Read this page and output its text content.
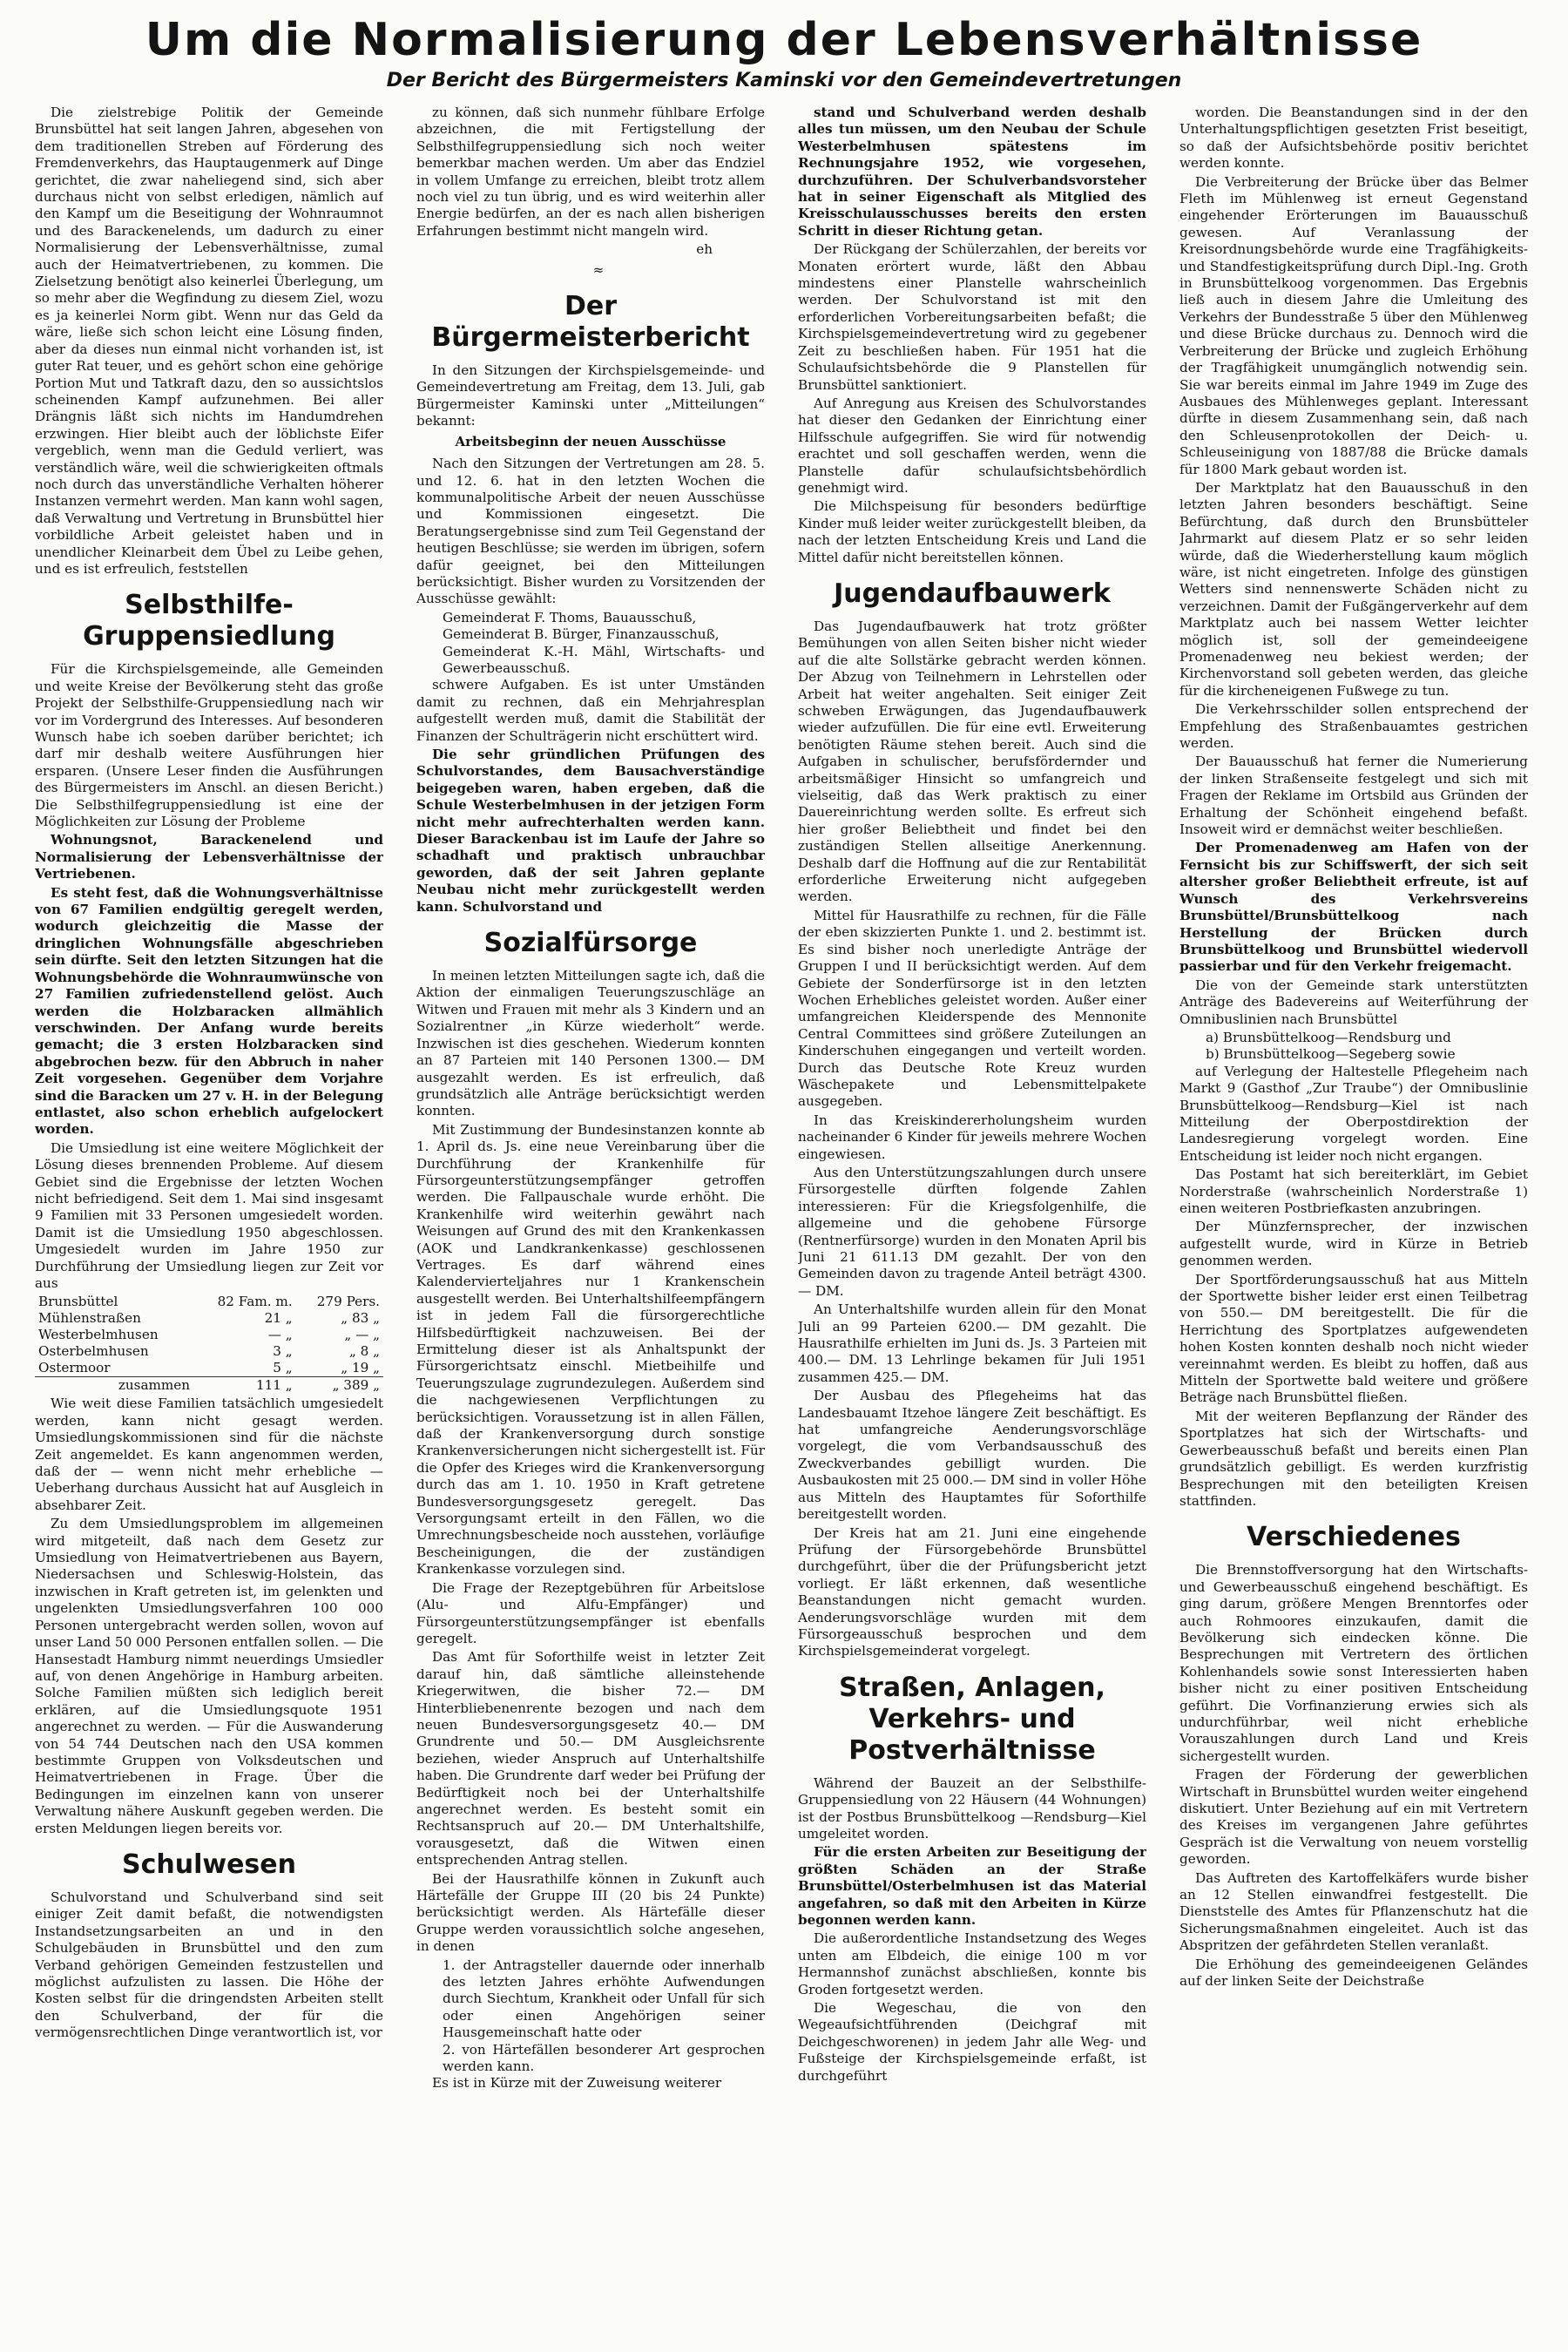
Um die Normalisierung der Lebensverhältnisse
Der Bericht des Bürgermeisters Kaminski vor den Gemeindevertretungen

Die zielstrebige Politik der Gemeinde Brunsbüttel hat seit langen Jahren, abgesehen von dem traditionellen Streben auf Förderung des Fremdenverkehrs, das Hauptaugenmerk auf Dinge gerichtet, die zwar naheliegend sind, sich aber durchaus nicht von selbst erledigen, nämlich auf den Kampf um die Beseitigung der Wohnraumnot und des Barackenelends, um dadurch zu einer Normalisierung der Lebensverhältnisse, zumal auch der Heimatvertriebenen, zu kommen. Die Zielsetzung benötigt also keinerlei Überlegung, um so mehr aber die Wegfindung zu diesem Ziel, wozu es ja keinerlei Norm gibt. Wenn nur das Geld da wäre, ließe sich schon leicht eine Lösung finden, aber da dieses nun einmal nicht vorhanden ist, ist guter Rat teuer, und es gehört schon eine gehörige Portion Mut und Tatkraft dazu, den so aussichtslos scheinenden Kampf aufzunehmen. Bei aller Drängnis läßt sich nichts im Handumdrehen erzwingen. Hier bleibt auch der löblichste Eifer vergeblich, wenn man die Geduld verliert, was verständlich wäre, weil die schwierigkeiten oftmals noch durch das unverständliche Verhalten höherer Instanzen vermehrt werden. Man kann wohl sagen, daß Verwaltung und Vertretung in Brunsbüttel hier vorbildliche Arbeit geleistet haben und in unendlicher Kleinarbeit dem Übel zu Leibe gehen, und es ist erfreulich, feststellen

Selbsthilfe-Gruppensiedlung

Für die Kirchspielsgemeinde, alle Gemeinden und weite Kreise der Bevölkerung steht das große Projekt der Selbsthilfe-Gruppensiedlung nach wir vor im Vordergrund des Interesses. Auf besonderen Wunsch habe ich soeben darüber berichtet; ich darf mir deshalb weitere Ausführungen hier ersparen. (Unsere Leser finden die Ausführungen des Bürgermeisters im Anschl. an diesen Bericht.) Die Selbsthilfegruppensiedlung ist eine der Möglichkeiten zur Lösung der Probleme

Wohnungsnot, Barackenelend und Normalisierung der Lebensverhältnisse der Vertriebenen.

Es steht fest, daß die Wohnungsverhältnisse von 67 Familien endgültig geregelt werden, wodurch gleichzeitig die Masse der dringlichen Wohnungsfälle abgeschrieben sein dürfte. Seit den letzten Sitzungen hat die Wohnungsbehörde die Wohnraumwünsche von 27 Familien zufriedenstellend gelöst. Auch werden die Holzbaracken allmählich verschwinden. Der Anfang wurde bereits gemacht; die 3 ersten Holzbaracken sind abgebrochen bezw. für den Abbruch in naher Zeit vorgesehen. Gegenüber dem Vorjahre sind die Baracken um 27 v. H. in der Belegung entlastet, also schon erheblich aufgelockert worden.

Die Umsiedlung ist eine weitere Möglichkeit der Lösung dieses brennenden Probleme. Auf diesem Gebiet sind die Ergebnisse der letzten Wochen nicht befriedigend. Seit dem 1. Mai sind insgesamt 9 Familien mit 33 Personen umgesiedelt worden. Damit ist die Umsiedlung 1950 abgeschlossen. Umgesiedelt wurden im Jahre 1950 zur Durchführung der Umsiedlung liegen zur Zeit vor aus

Brunsbüttel	82 Fam. m.	279 Pers.
Mühlenstraßen	21 „	„ 83 „
Westerbelmhusen	— „	„ — „
Osterbelmhusen	3 „	„ 8 „
Ostermoor	5 „	„ 19 „
zusammen	111 „	„ 389 „

Wie weit diese Familien tatsächlich umgesiedelt werden, kann nicht gesagt werden. Umsiedlungskommissionen sind für die nächste Zeit angemeldet. Es kann angenommen werden, daß der — wenn nicht mehr erhebliche — Ueberhang durchaus Aussicht hat auf Ausgleich in absehbarer Zeit.

Zu dem Umsiedlungsproblem im allgemeinen wird mitgeteilt, daß nach dem Gesetz zur Umsiedlung von Heimatvertriebenen aus Bayern, Niedersachsen und Schleswig-Holstein, das inzwischen in Kraft getreten ist, im gelenkten und ungelenkten Umsiedlungsverfahren 100 000 Personen untergebracht werden sollen, wovon auf unser Land 50 000 Personen entfallen sollen. — Die Hansestadt Hamburg nimmt neuerdings Umsiedler auf, von denen Angehörige in Hamburg arbeiten. Solche Familien müßten sich lediglich bereit erklären, auf die Umsiedlungsquote 1951 angerechnet zu werden. — Für die Auswanderung von 54 744 Deutschen nach den USA kommen bestimmte Gruppen von Volksdeutschen und Heimatvertriebenen in Frage. Über die Bedingungen im einzelnen kann von unserer Verwaltung nähere Auskunft gegeben werden. Die ersten Meldungen liegen bereits vor.

Schulwesen

Schulvorstand und Schulverband sind seit einiger Zeit damit befaßt, die notwendigsten Instandsetzungsarbeiten an und in den Schulgebäuden in Brunsbüttel und den zum Verband gehörigen Gemeinden festzustellen und möglichst aufzulisten zu lassen. Die Höhe der Kosten selbst für die dringendsten Arbeiten stellt den Schulverband, der für die vermögensrechtlichen Dinge verantwortlich ist, vor

zu können, daß sich nunmehr fühlbare Erfolge abzeichnen, die mit Fertigstellung der Selbsthilfegruppensiedlung sich noch weiter bemerkbar machen werden. Um aber das Endziel in vollem Umfange zu erreichen, bleibt trotz allem noch viel zu tun übrig, und es wird weiterhin aller Energie bedürfen, an der es nach allen bisherigen Erfahrungen bestimmt nicht mangeln wird.

eh

≈

Der Bürgermeisterbericht

In den Sitzungen der Kirchspielsgemeinde- und Gemeindevertretung am Freitag, dem 13. Juli, gab Bürgermeister Kaminski unter „Mitteilungen“ bekannt:

Arbeitsbeginn der neuen Ausschüsse

Nach den Sitzungen der Vertretungen am 28. 5. und 12. 6. hat in den letzten Wochen die kommunalpolitische Arbeit der neuen Ausschüsse und Kommissionen eingesetzt. Die Beratungsergebnisse sind zum Teil Gegenstand der heutigen Beschlüsse; sie werden im übrigen, sofern dafür geeignet, bei den Mitteilungen berücksichtigt. Bisher wurden zu Vorsitzenden der Ausschüsse gewählt:

Gemeinderat F. Thoms, Bauausschuß,

Gemeinderat B. Bürger, Finanzausschuß,

Gemeinderat K.-H. Mähl, Wirtschafts- und Gewerbeausschuß.

schwere Aufgaben. Es ist unter Umständen damit zu rechnen, daß ein Mehrjahresplan aufgestellt werden muß, damit die Stabilität der Finanzen der Schulträgerin nicht erschüttert wird.

Die sehr gründlichen Prüfungen des Schulvorstandes, dem Bausachverständige beigegeben waren, haben ergeben, daß die Schule Westerbelmhusen in der jetzigen Form nicht mehr aufrechterhalten werden kann. Dieser Barackenbau ist im Laufe der Jahre so schadhaft und praktisch unbrauchbar geworden, daß der seit Jahren geplante Neubau nicht mehr zurückgestellt werden kann. Schulvorstand und

Sozialfürsorge

In meinen letzten Mitteilungen sagte ich, daß die Aktion der einmaligen Teuerungszuschläge an Witwen und Frauen mit mehr als 3 Kindern und an Sozialrentner „in Kürze wiederholt“ werde. Inzwischen ist dies geschehen. Wiederum konnten an 87 Parteien mit 140 Personen 1300.— DM ausgezahlt werden. Es ist erfreulich, daß grundsätzlich alle Anträge berücksichtigt werden konnten.

Mit Zustimmung der Bundesinstanzen konnte ab 1. April ds. Js. eine neue Vereinbarung über die Durchführung der Krankenhilfe für Fürsorgeunterstützungsempfänger getroffen werden. Die Fallpauschale wurde erhöht. Die Krankenhilfe wird weiterhin gewährt nach Weisungen auf Grund des mit den Krankenkassen (AOK und Landkrankenkasse) geschlossenen Vertrages. Es darf während eines Kalendervierteljahres nur 1 Krankenschein ausgestellt werden. Bei Unterhaltshilfeempfängern ist in jedem Fall die fürsorgerechtliche Hilfsbedürftigkeit nachzuweisen. Bei der Ermittelung dieser ist als Anhaltspunkt der Fürsorgerichtsatz einschl. Mietbeihilfe und Teuerungszulage zugrundezulegen. Außerdem sind die nachgewiesenen Verpflichtungen zu berücksichtigen. Voraussetzung ist in allen Fällen, daß der Krankenversorgung durch sonstige Krankenversicherungen nicht sichergestellt ist. Für die Opfer des Krieges wird die Krankenversorgung durch das am 1. 10. 1950 in Kraft getretene Bundesversorgungsgesetz geregelt. Das Versorgungsamt erteilt in den Fällen, wo die Umrechnungsbescheide noch ausstehen, vorläufige Bescheinigungen, die der zuständigen Krankenkasse vorzulegen sind.

Die Frage der Rezeptgebühren für Arbeitslose (Alu- und Alfu-Empfänger) und Fürsorgeunterstützungsempfänger ist ebenfalls geregelt.

Das Amt für Soforthilfe weist in letzter Zeit darauf hin, daß sämtliche alleinstehende Kriegerwitwen, die bisher 72.— DM Hinterbliebenenrente bezogen und nach dem neuen Bundesversorgungsgesetz 40.— DM Grundrente und 50.— DM Ausgleichsrente beziehen, wieder Anspruch auf Unterhaltshilfe haben. Die Grundrente darf weder bei Prüfung der Bedürftigkeit noch bei der Unterhaltshilfe angerechnet werden. Es besteht somit ein Rechtsanspruch auf 20.— DM Unterhaltshilfe, vorausgesetzt, daß die Witwen einen entsprechenden Antrag stellen.

Bei der Hausrathilfe können in Zukunft auch Härtefälle der Gruppe III (20 bis 24 Punkte) berücksichtigt werden. Als Härtefälle dieser Gruppe werden voraussichtlich solche angesehen, in denen

1. der Antragsteller dauernde oder innerhalb des letzten Jahres erhöhte Aufwendungen durch Siechtum, Krankheit oder Unfall für sich oder einen Angehörigen seiner Hausgemeinschaft hatte oder

2. von Härtefällen besonderer Art gesprochen werden kann.

Es ist in Kürze mit der Zuweisung weiterer

stand und Schulverband werden deshalb alles tun müssen, um den Neubau der Schule Westerbelmhusen spätestens im Rechnungsjahre 1952, wie vorgesehen, durchzuführen. Der Schulverbandsvorsteher hat in seiner Eigenschaft als Mitglied des Kreisschulausschusses bereits den ersten Schritt in dieser Richtung getan.

Der Rückgang der Schülerzahlen, der bereits vor Monaten erörtert wurde, läßt den Abbau mindestens einer Planstelle wahrscheinlich werden. Der Schulvorstand ist mit den erforderlichen Vorbereitungsarbeiten befaßt; die Kirchspielsgemeindevertretung wird zu gegebener Zeit zu beschließen haben. Für 1951 hat die Schulaufsichtsbehörde die 9 Planstellen für Brunsbüttel sanktioniert.

Auf Anregung aus Kreisen des Schulvorstandes hat dieser den Gedanken der Einrichtung einer Hilfsschule aufgegriffen. Sie wird für notwendig erachtet und soll geschaffen werden, wenn die Planstelle dafür schulaufsichtsbehördlich genehmigt wird.

Die Milchspeisung für besonders bedürftige Kinder muß leider weiter zurückgestellt bleiben, da nach der letzten Entscheidung Kreis und Land die Mittel dafür nicht bereitstellen können.

Jugendaufbauwerk

Das Jugendaufbauwerk hat trotz größter Bemühungen von allen Seiten bisher nicht wieder auf die alte Sollstärke gebracht werden können. Der Abzug von Teilnehmern in Lehrstellen oder Arbeit hat weiter angehalten. Seit einiger Zeit schweben Erwägungen, das Jugendaufbauwerk wieder aufzufüllen. Die für eine evtl. Erweiterung benötigten Räume stehen bereit. Auch sind die Aufgaben in schulischer, berufsfördernder und arbeitsmäßiger Hinsicht so umfangreich und vielseitig, daß das Werk praktisch zu einer Dauereinrichtung werden sollte. Es erfreut sich hier großer Beliebtheit und findet bei den zuständigen Stellen allseitige Anerkennung. Deshalb darf die Hoffnung auf die zur Rentabilität erforderliche Erweiterung nicht aufgegeben werden.

Mittel für Hausrathilfe zu rechnen, für die Fälle der eben skizzierten Punkte 1. und 2. bestimmt ist. Es sind bisher noch unerledigte Anträge der Gruppen I und II berücksichtigt werden. Auf dem Gebiete der Sonderfürsorge ist in den letzten Wochen Erhebliches geleistet worden. Außer einer umfangreichen Kleiderspende des Mennonite Central Committees sind größere Zuteilungen an Kinderschuhen eingegangen und verteilt worden. Durch das Deutsche Rote Kreuz wurden Wäschepakete und Lebensmittelpakete ausgegeben.

In das Kreiskindererholungsheim wurden nacheinander 6 Kinder für jeweils mehrere Wochen eingewiesen.

Aus den Unterstützungszahlungen durch unsere Fürsorgestelle dürften folgende Zahlen interessieren: Für die Kriegsfolgenhilfe, die allgemeine und die gehobene Fürsorge (Rentnerfürsorge) wurden in den Monaten April bis Juni 21 611.13 DM gezahlt. Der von den Gemeinden davon zu tragende Anteil beträgt 4300.— DM.

An Unterhaltshilfe wurden allein für den Monat Juli an 99 Parteien 6200.— DM gezahlt. Die Hausrathilfe erhielten im Juni ds. Js. 3 Parteien mit 400.— DM. 13 Lehrlinge bekamen für Juli 1951 zusammen 425.— DM.

Der Ausbau des Pflegeheims hat das Landesbauamt Itzehoe längere Zeit beschäftigt. Es hat umfangreiche Aenderungsvorschläge vorgelegt, die vom Verbandsausschuß des Zweckverbandes gebilligt wurden. Die Ausbaukosten mit 25 000.— DM sind in voller Höhe aus Mitteln des Hauptamtes für Soforthilfe bereitgestellt worden.

Der Kreis hat am 21. Juni eine eingehende Prüfung der Fürsorgebehörde Brunsbüttel durchgeführt, über die der Prüfungsbericht jetzt vorliegt. Er läßt erkennen, daß wesentliche Beanstandungen nicht gemacht wurden. Aenderungsvorschläge wurden mit dem Fürsorgeausschuß besprochen und dem Kirchspielsgemeinderat vorgelegt.

Straßen, Anlagen, Verkehrs- und Postverhältnisse

Während der Bauzeit an der Selbsthilfe-Gruppensiedlung von 22 Häusern (44 Wohnungen) ist der Postbus Brunsbüttelkoog —Rendsburg—Kiel umgeleitet worden.

Für die ersten Arbeiten zur Beseitigung der größten Schäden an der Straße Brunsbüttel/Osterbelmhusen ist das Material angefahren, so daß mit den Arbeiten in Kürze begonnen werden kann.

Die außerordentliche Instandsetzung des Weges unten am Elbdeich, die einige 100 m vor Hermannshof zunächst abschließen, konnte bis Groden fortgesetzt werden.

Die Wegeschau, die von den Wegeaufsichtführenden (Deichgraf mit Deichgeschworenen) in jedem Jahr alle Weg- und Fußsteige der Kirchspielsgemeinde erfaßt, ist durchgeführt

worden. Die Beanstandungen sind in der den Unterhaltungspflichtigen gesetzten Frist beseitigt, so daß der Aufsichtsbehörde positiv berichtet werden konnte.

Die Verbreiterung der Brücke über das Belmer Fleth im Mühlenweg ist erneut Gegenstand eingehender Erörterungen im Bauausschuß gewesen. Auf Veranlassung der Kreisordnungsbehörde wurde eine Tragfähigkeits- und Standfestigkeitsprüfung durch Dipl.-Ing. Groth in Brunsbüttelkoog vorgenommen. Das Ergebnis ließ auch in diesem Jahre die Umleitung des Verkehrs der Bundesstraße 5 über den Mühlenweg und diese Brücke durchaus zu. Dennoch wird die Verbreiterung der Brücke und zugleich Erhöhung der Tragfähigkeit unumgänglich notwendig sein. Sie war bereits einmal im Jahre 1949 im Zuge des Ausbaues des Mühlenweges geplant. Interessant dürfte in diesem Zusammenhang sein, daß nach den Schleusenprotokollen der Deich- u. Schleuseinigung von 1887/88 die Brücke damals für 1800 Mark gebaut worden ist.

Der Marktplatz hat den Bauausschuß in den letzten Jahren besonders beschäftigt. Seine Befürchtung, daß durch den Brunsbütteler Jahrmarkt auf diesem Platz er so sehr leiden würde, daß die Wiederherstellung kaum möglich wäre, ist nicht eingetreten. Infolge des günstigen Wetters sind nennenswerte Schäden nicht zu verzeichnen. Damit der Fußgängerverkehr auf dem Marktplatz auch bei nassem Wetter leichter möglich ist, soll der gemeindeeigene Promenadenweg neu bekiest werden; der Kirchenvorstand soll gebeten werden, das gleiche für die kircheneigenen Fußwege zu tun.

Die Verkehrsschilder sollen entsprechend der Empfehlung des Straßenbauamtes gestrichen werden.

Der Bauausschuß hat ferner die Numerierung der linken Straßenseite festgelegt und sich mit Fragen der Reklame im Ortsbild aus Gründen der Erhaltung der Schönheit eingehend befaßt. Insoweit wird er demnächst weiter beschließen.

Der Promenadenweg am Hafen von der Fernsicht bis zur Schiffswerft, der sich seit altersher großer Beliebtheit erfreute, ist auf Wunsch des Verkehrsvereins Brunsbüttel/Brunsbüttelkoog nach Herstellung der Brücken durch Brunsbüttelkoog und Brunsbüttel wiedervoll passierbar und für den Verkehr freigemacht.

Die von der Gemeinde stark unterstützten Anträge des Badevereins auf Weiterführung der Omnibuslinien nach Brunsbüttel

a) Brunsbüttelkoog—Rendsburg und

b) Brunsbüttelkoog—Segeberg sowie

auf Verlegung der Haltestelle Pflegeheim nach Markt 9 (Gasthof „Zur Traube“) der Omnibuslinie Brunsbüttelkoog—Rendsburg—Kiel ist nach Mitteilung der Oberpostdirektion der Landesregierung vorgelegt worden. Eine Entscheidung ist leider noch nicht ergangen.

Das Postamt hat sich bereiterklärt, im Gebiet Norderstraße (wahrscheinlich Norderstraße 1) einen weiteren Postbriefkasten anzubringen.

Der Münzfernsprecher, der inzwischen aufgestellt wurde, wird in Kürze in Betrieb genommen werden.

Der Sportförderungsausschuß hat aus Mitteln der Sportwette bisher leider erst einen Teilbetrag von 550.— DM bereitgestellt. Die für die Herrichtung des Sportplatzes aufgewendeten hohen Kosten konnten deshalb noch nicht wieder vereinnahmt werden. Es bleibt zu hoffen, daß aus Mitteln der Sportwette bald weitere und größere Beträge nach Brunsbüttel fließen.

Mit der weiteren Bepflanzung der Ränder des Sportplatzes hat sich der Wirtschafts- und Gewerbeausschuß befaßt und bereits einen Plan grundsätzlich gebilligt. Es werden kurzfristig Besprechungen mit den beteiligten Kreisen stattfinden.

Verschiedenes

Die Brennstoffversorgung hat den Wirtschafts- und Gewerbeausschuß eingehend beschäftigt. Es ging darum, größere Mengen Brenntorfes oder auch Rohmoores einzukaufen, damit die Bevölkerung sich eindecken könne. Die Besprechungen mit Vertretern des örtlichen Kohlenhandels sowie sonst Interessierten haben bisher nicht zu einer positiven Entscheidung geführt. Die Vorfinanzierung erwies sich als undurchführbar, weil nicht erhebliche Vorauszahlungen durch Land und Kreis sichergestellt wurden.

Fragen der Förderung der gewerblichen Wirtschaft in Brunsbüttel wurden weiter eingehend diskutiert. Unter Beziehung auf ein mit Vertretern des Kreises im vergangenen Jahre geführtes Gespräch ist die Verwaltung von neuem vorstellig geworden.

Das Auftreten des Kartoffelkäfers wurde bisher an 12 Stellen einwandfrei festgestellt. Die Dienststelle des Amtes für Pflanzenschutz hat die Sicherungsmaßnahmen eingeleitet. Auch ist das Abspritzen der gefährdeten Stellen veranlaßt.

Die Erhöhung des gemeindeeigenen Geländes auf der linken Seite der Deichstraße
